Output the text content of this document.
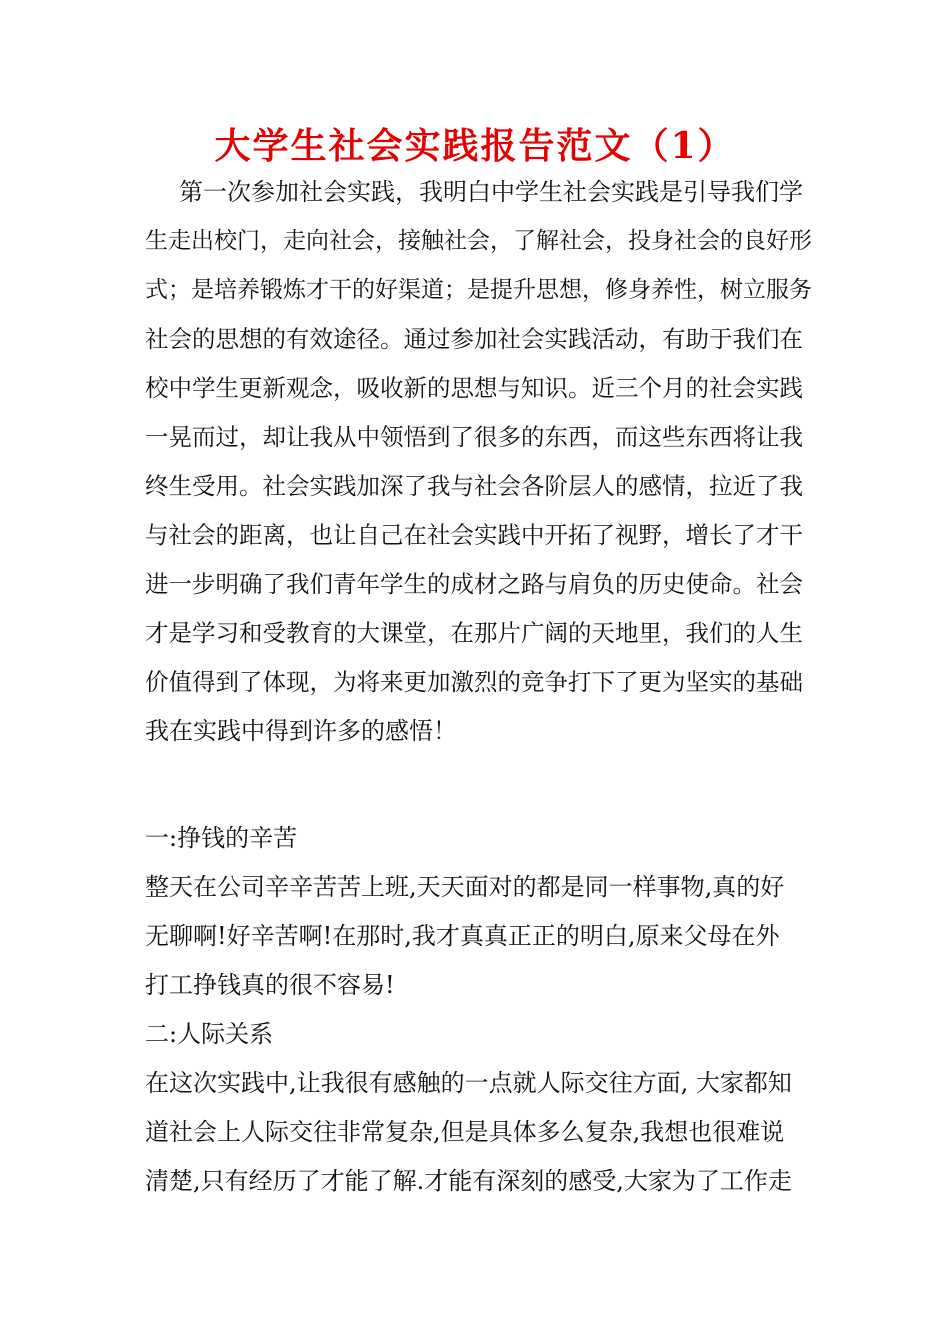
大学生社会实践报告范文（1）
第一次参加社会实践，我明白中学生社会实践是引导我们学
生走出校门，走向社会，接触社会，了解社会，投身社会的良好形
式；是培养锻炼才干的好渠道；是提升思想，修身养性，树立服务
社会的思想的有效途径。通过参加社会实践活动，有助于我们在
校中学生更新观念，吸收新的思想与知识。近三个月的社会实践
一晃而过，却让我从中领悟到了很多的东西，而这些东西将让我
终生受用。社会实践加深了我与社会各阶层人的感情，拉近了我
与社会的距离，也让自己在社会实践中开拓了视野，增长了才干
进一步明确了我们青年学生的成材之路与肩负的历史使命。社会
才是学习和受教育的大课堂，在那片广阔的天地里，我们的人生
价值得到了体现，为将来更加激烈的竞争打下了更为坚实的基础
我在实践中得到许多的感悟！
一:挣钱的辛苦
整天在公司辛辛苦苦上班,天天面对的都是同一样事物,真的好
无聊啊!好辛苦啊!在那时,我才真真正正的明白,原来父母在外
打工挣钱真的很不容易!
二:人际关系
在这次实践中,让我很有感触的一点就人际交往方面, 大家都知
道社会上人际交往非常复杂,但是具体多么复杂,我想也很难说
清楚,只有经历了才能了解.才能有深刻的感受,大家为了工作走
